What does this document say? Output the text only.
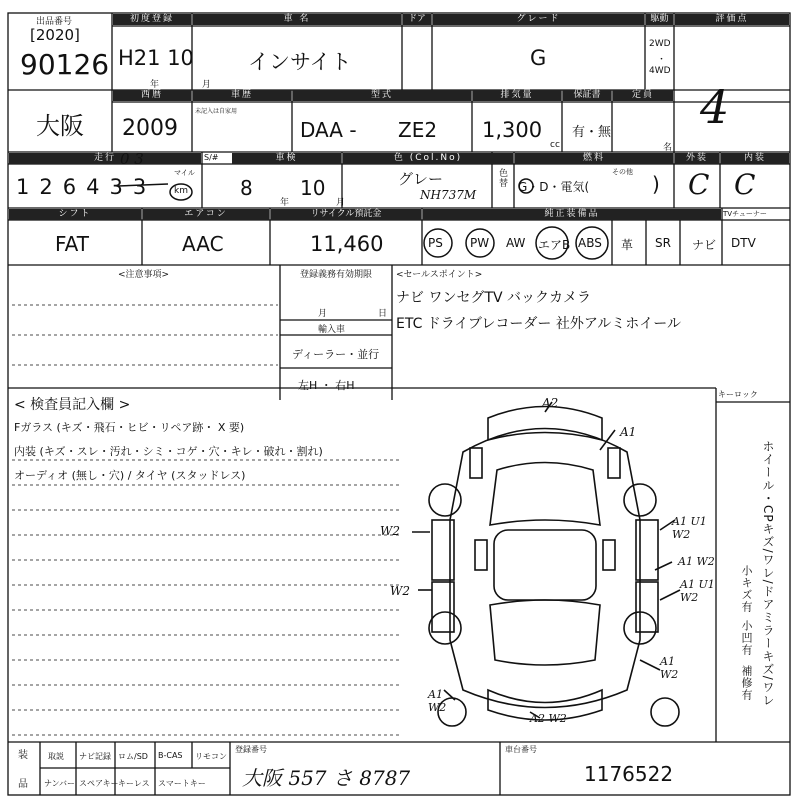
出品番号
[2020]
90126
初度登録
H21 10
年 月
車 名
インサイト
ドア	グレード
G
駆動
2WD
・
4WD
評価点
4
大阪
西暦
2009
車歴
未記入は自家用
型式
DAA - ZE2
排気量
1,300
cc
保証書
有・無
定員
名
走行 0 3
126433
マイル
km
S/#	車検
8
年
10
月
色 (Col.No)
グレー
NH737M
色替
燃料
G・D・電気(
その他 )
外装
C
内装
C
シフト
FAT
エアコン
AAC
リサイクル預託金
11,460
純正装備品	TVチューナー
PS PW AW エアB ABS 革 SR ナビ DTV
<注意事項>	登録義務有効期限
月	日
輸入車
ディーラー・並行
左H ・ 右H
<セールスポイント>
ナビ ワンセグTV バックカメラ
ETC ドライブレコーダー 社外アルミホイール
< 検査員記入欄 >
キーロック
Fガラス (キズ・飛石・ヒビ・リペア跡・ X 要)
内装 (キズ・スレ・汚れ・シミ・コゲ・穴・キレ・破れ・割れ)
オーディオ (無し・穴) / タイヤ (スタッドレス)	ホイール・CPキズ/ワレ/ドアミラーキズ/ワレ
小キズ有
小凹有
補修有
A2
A1
W2
W2
A1 U1 W2
A1 W2
A1 U1 W2
A1 W2
A1 W2
A2 W2
装
品
取説 ナビ記録 ロム/SD B-CAS リモコン
ナンバー スペアキー キーレス スマートキー
登録番号
大阪 557 さ 8787
車台番号
1176522
